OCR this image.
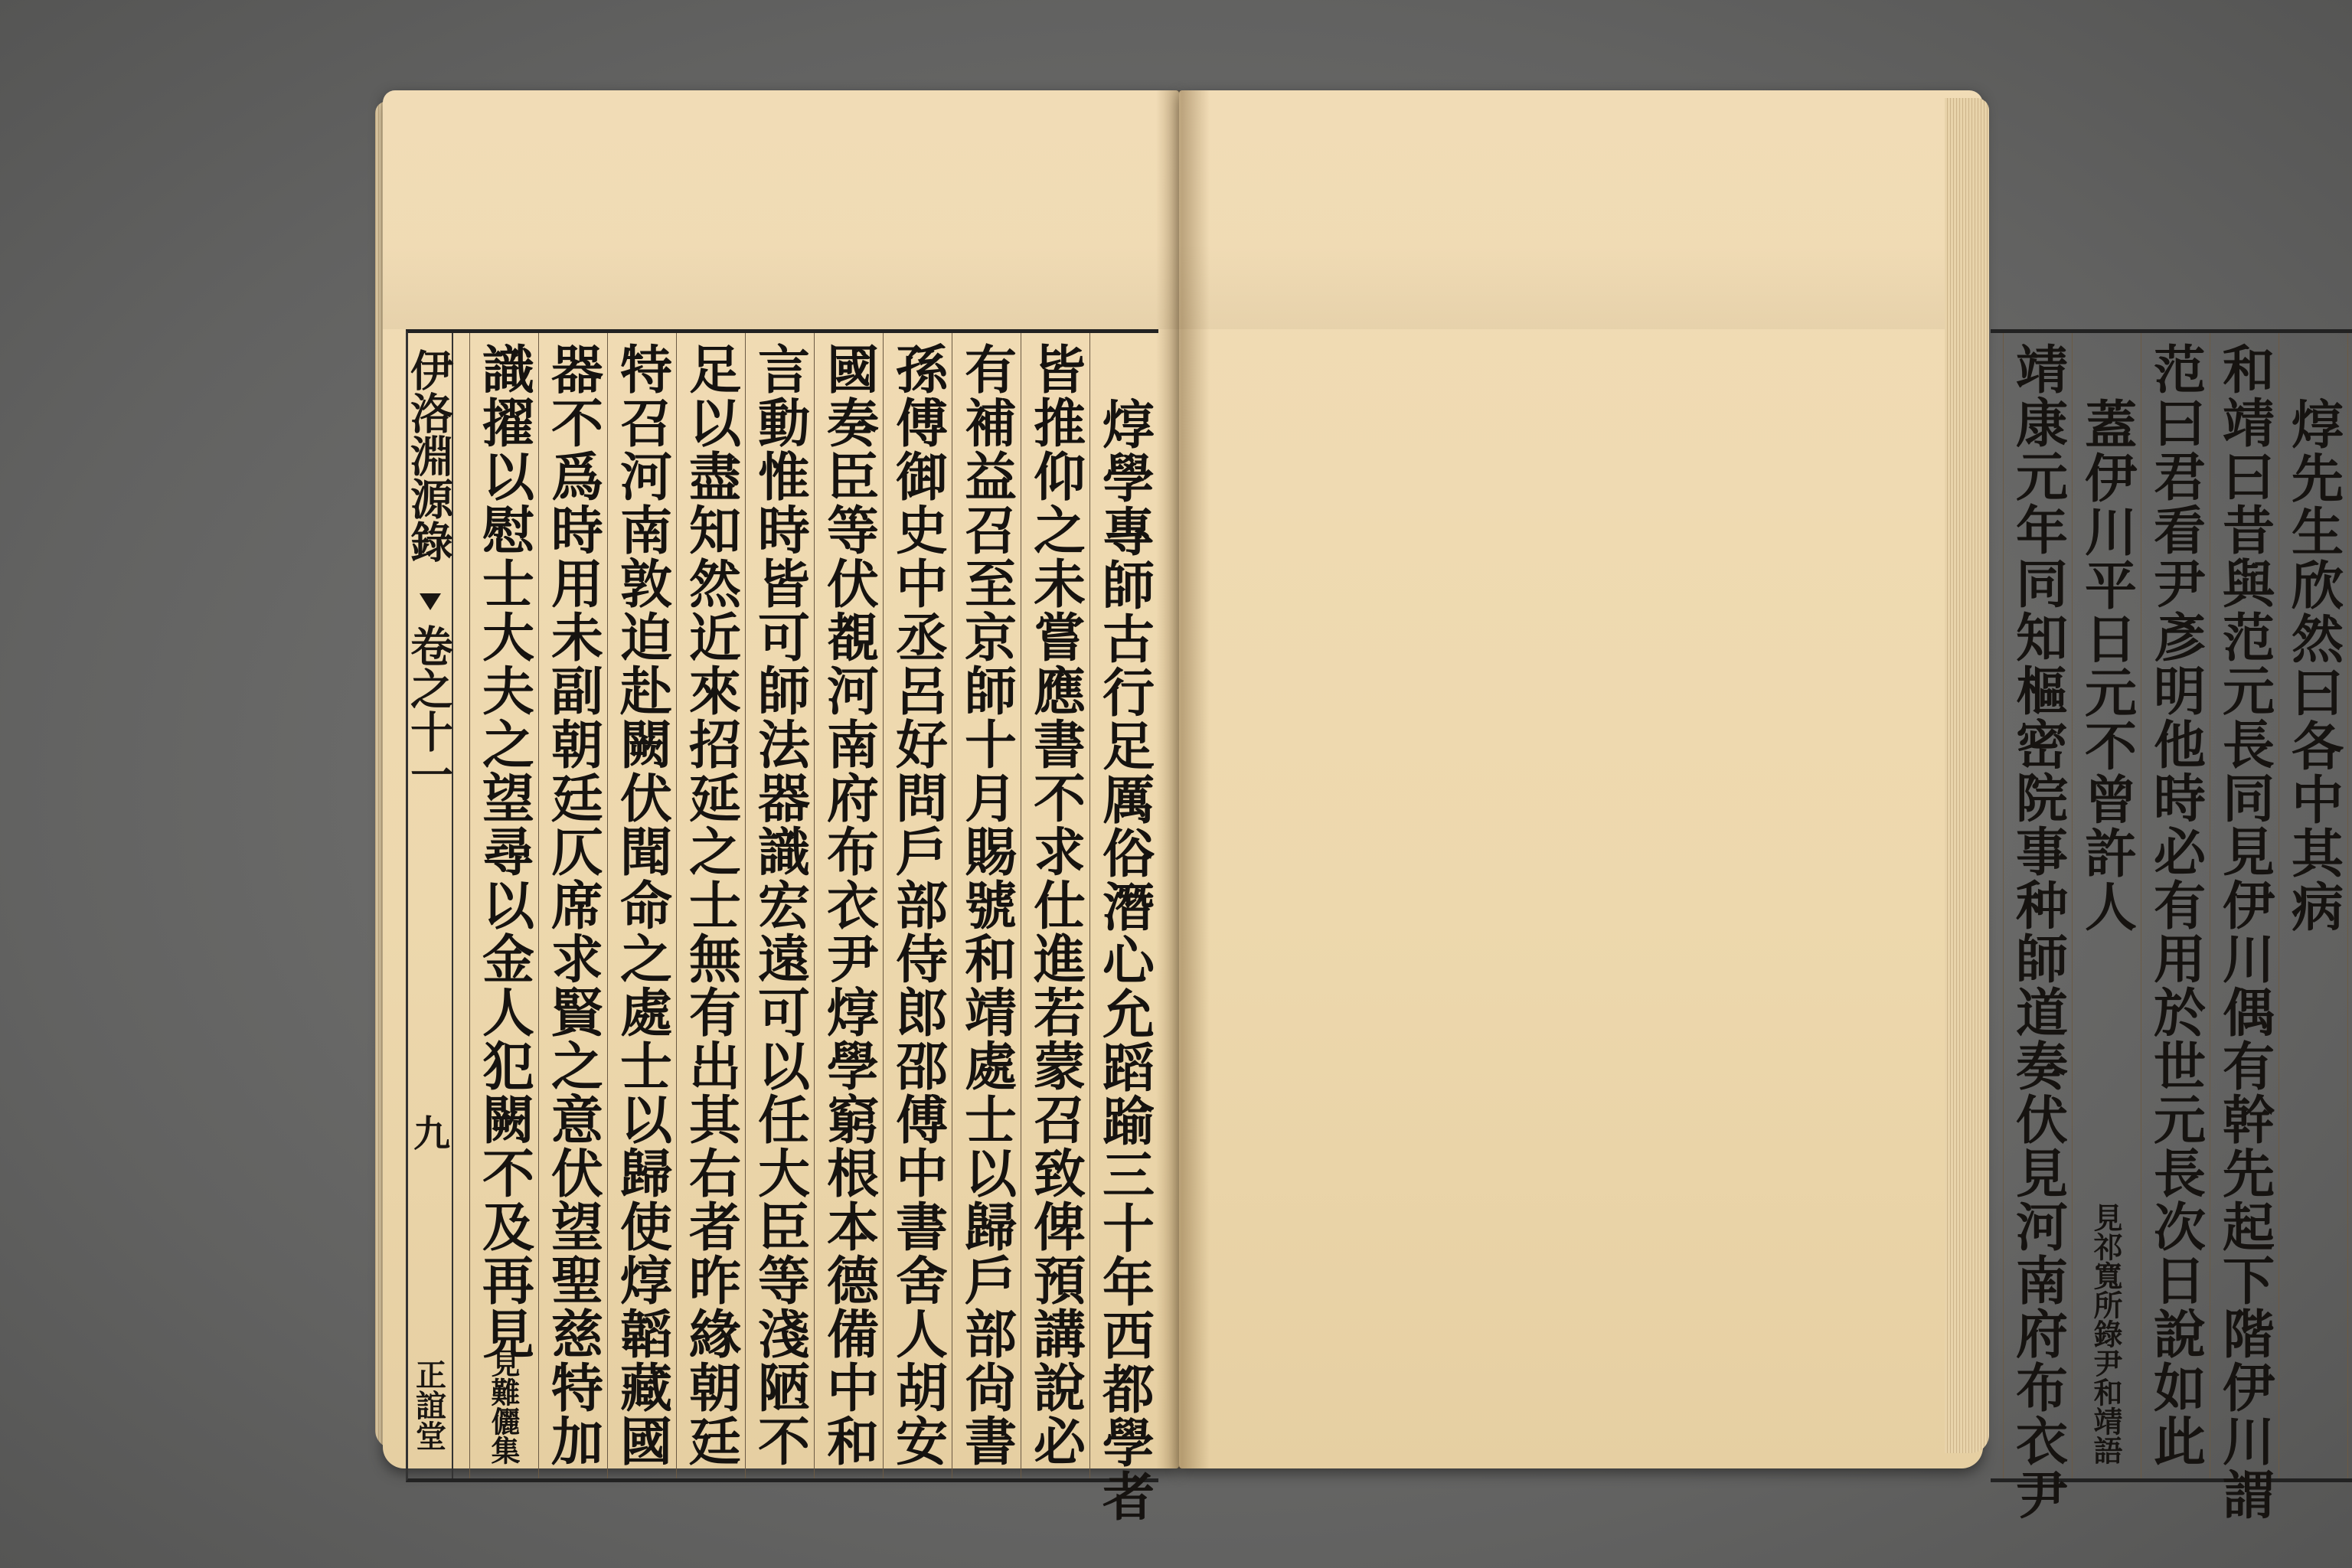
伊洛淵源錄
卷之十一
九
正誼堂	焞學專師古行足厲俗潛心允蹈踰三十年西都學者
皆推仰之未嘗應書不求仕進若蒙召致俾預講說必
有補益召至京師十月賜號和靖處士以歸戶部尙書
孫傅御史中丞呂好問戶部侍郎邵傅中書舍人胡安
國奏臣等伏覩河南府布衣尹焞學窮根本德備中和
言動惟時皆可師法器識宏遠可以任大臣等淺陋不
足以盡知然近來招延之士無有出其右者昨緣朝廷
特召河南敦迫赴闕伏聞命之處士以歸使焞韜藏國
器不爲時用未副朝廷仄席求賢之意伏望聖慈特加
識擢以慰士大夫之望尋以金人犯闕不及再見
見難儷集
焞先生欣然曰各中其病
和靖曰昔與范元長同見伊川偶有幹先起下階伊川謂
范曰君看尹彥明他時必有用於世元長次日說如此
蓋伊川平日元不曾許人
見祁寬所錄尹和靖語
靖康元年同知樞密院事种師道奏伏見河南府布衣尹
